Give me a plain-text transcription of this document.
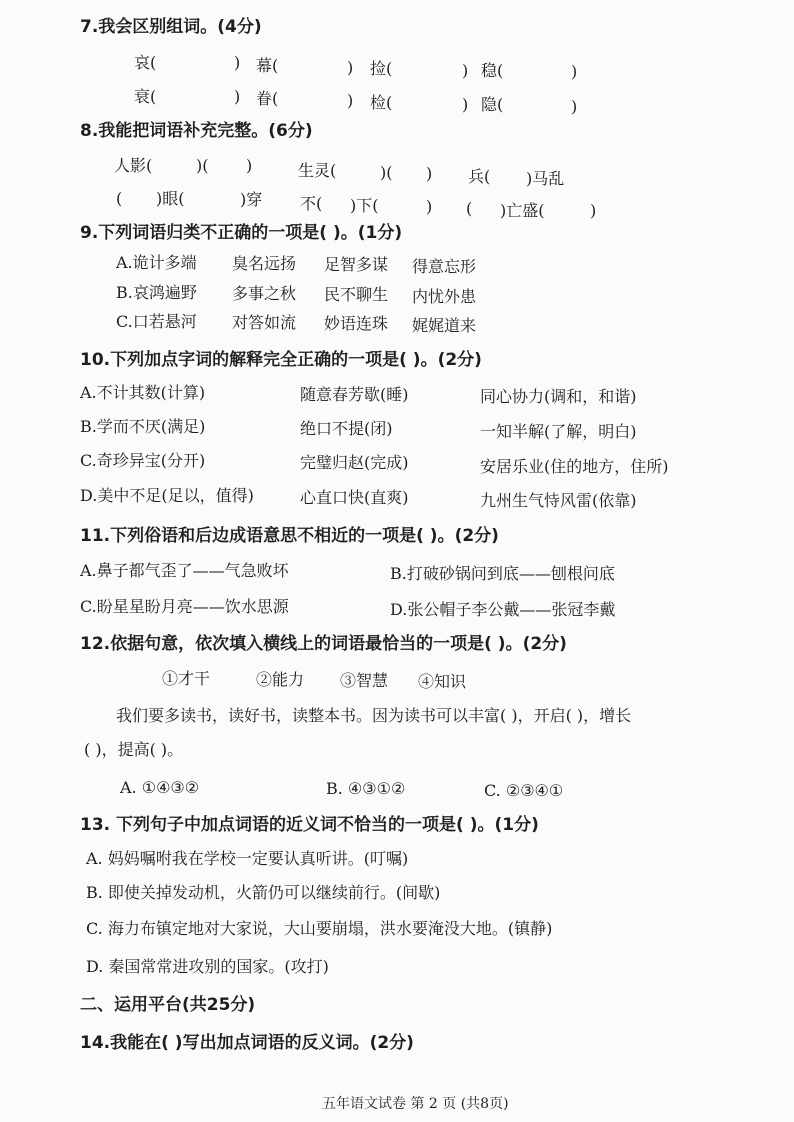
7.我会区别组词。(4分)
哀(	) 幕(	) 捡(	) 稳(	)
衰(	) 眷(	) 检(	) 隐(	)
8.我能把词语补充完整。(6分)
人影(	)( )	生灵(	)( ) 兵( )马乱
( )眼(	)穿 不( )下(	) ( )亡盛(	)
9.下列词语归类不正确的一项是( )。(1分)
A.诡计多端 臭名远扬 足智多谋 得意忘形
B.哀鸿遍野 多事之秋 民不聊生 内忧外患
C.口若悬河 对答如流 妙语连珠 娓娓道来
10.下列加点字词的解释完全正确的一项是( )。(2分)
A.不计其数(计算)	随意春芳歇(睡)	同心协力(调和，和谐)
B.学而不厌(满足)	绝口不提(闭)	一知半解(了解，明白)
C.奇珍异宝(分开)	完璧归赵(完成)	安居乐业(住的地方，住所)
D.美中不足(足以，值得)	心直口快(直爽)	九州生气恃风雷(依靠)
11.下列俗语和后边成语意思不相近的一项是( )。(2分)
A.鼻子都气歪了——气急败坏	B.打破砂锅问到底——刨根问底
C.盼星星盼月亮——饮水思源	D.张公帽子李公戴——张冠李戴
12.依据句意，依次填入横线上的词语最恰当的一项是( )。(2分)
①才干	②能力 ③智慧 ④知识
我们要多读书，读好书，读整本书。因为读书可以丰富( )，开启( )，增长
( )，提高( )。
A. ①④③②	B. ④③①②	C. ②③④①
13. 下列句子中加点词语的近义词不恰当的一项是( )。(1分)
A. 妈妈嘱咐我在学校一定要认真听讲。(叮嘱)
B. 即使关掉发动机，火箭仍可以继续前行。(间歇)
C. 海力布镇定地对大家说，大山要崩塌，洪水要淹没大地。(镇静)
D. 秦国常常进攻别的国家。(攻打)
二、运用平台(共25分)
14.我能在( )写出加点词语的反义词。(2分)
五年语文试卷 第 2 页 (共8页)
